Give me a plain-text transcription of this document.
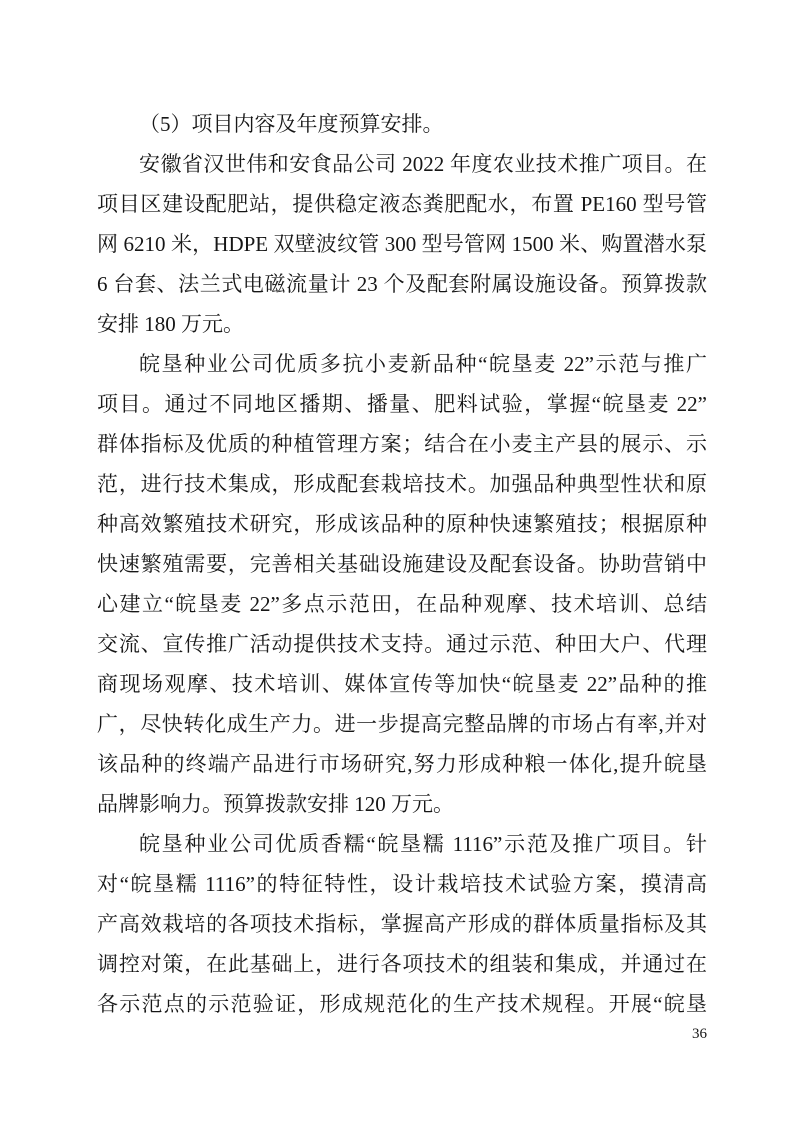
（5）项目内容及年度预算安排。
安徽省汉世伟和安食品公司 2022 年度农业技术推广项目。在
项目区建设配肥站，提供稳定液态粪肥配水，布置 PE160 型号管
网 6210 米，HDPE 双壁波纹管 300 型号管网 1500 米、购置潜水泵
6 台套、法兰式电磁流量计 23 个及配套附属设施设备。预算拨款
安排 180 万元。
皖垦种业公司优质多抗小麦新品种“皖垦麦 22”示范与推广
项目。通过不同地区播期、播量、肥料试验，掌握“皖垦麦 22”
群体指标及优质的种植管理方案；结合在小麦主产县的展示、示
范，进行技术集成，形成配套栽培技术。加强品种典型性状和原
种高效繁殖技术研究，形成该品种的原种快速繁殖技；根据原种
快速繁殖需要，完善相关基础设施建设及配套设备。协助营销中
心建立“皖垦麦 22”多点示范田，在品种观摩、技术培训、总结
交流、宣传推广活动提供技术支持。通过示范、种田大户、代理
商现场观摩、技术培训、媒体宣传等加快“皖垦麦 22”品种的推
广，尽快转化成生产力。进一步提高完整品牌的市场占有率,并对
该品种的终端产品进行市场研究,努力形成种粮一体化,提升皖垦
品牌影响力。预算拨款安排 120 万元。
皖垦种业公司优质香糯“皖垦糯 1116”示范及推广项目。针
对“皖垦糯 1116”的特征特性，设计栽培技术试验方案，摸清高
产高效栽培的各项技术指标，掌握高产形成的群体质量指标及其
调控对策，在此基础上，进行各项技术的组装和集成，并通过在
各示范点的示范验证，形成规范化的生产技术规程。开展“皖垦
36
